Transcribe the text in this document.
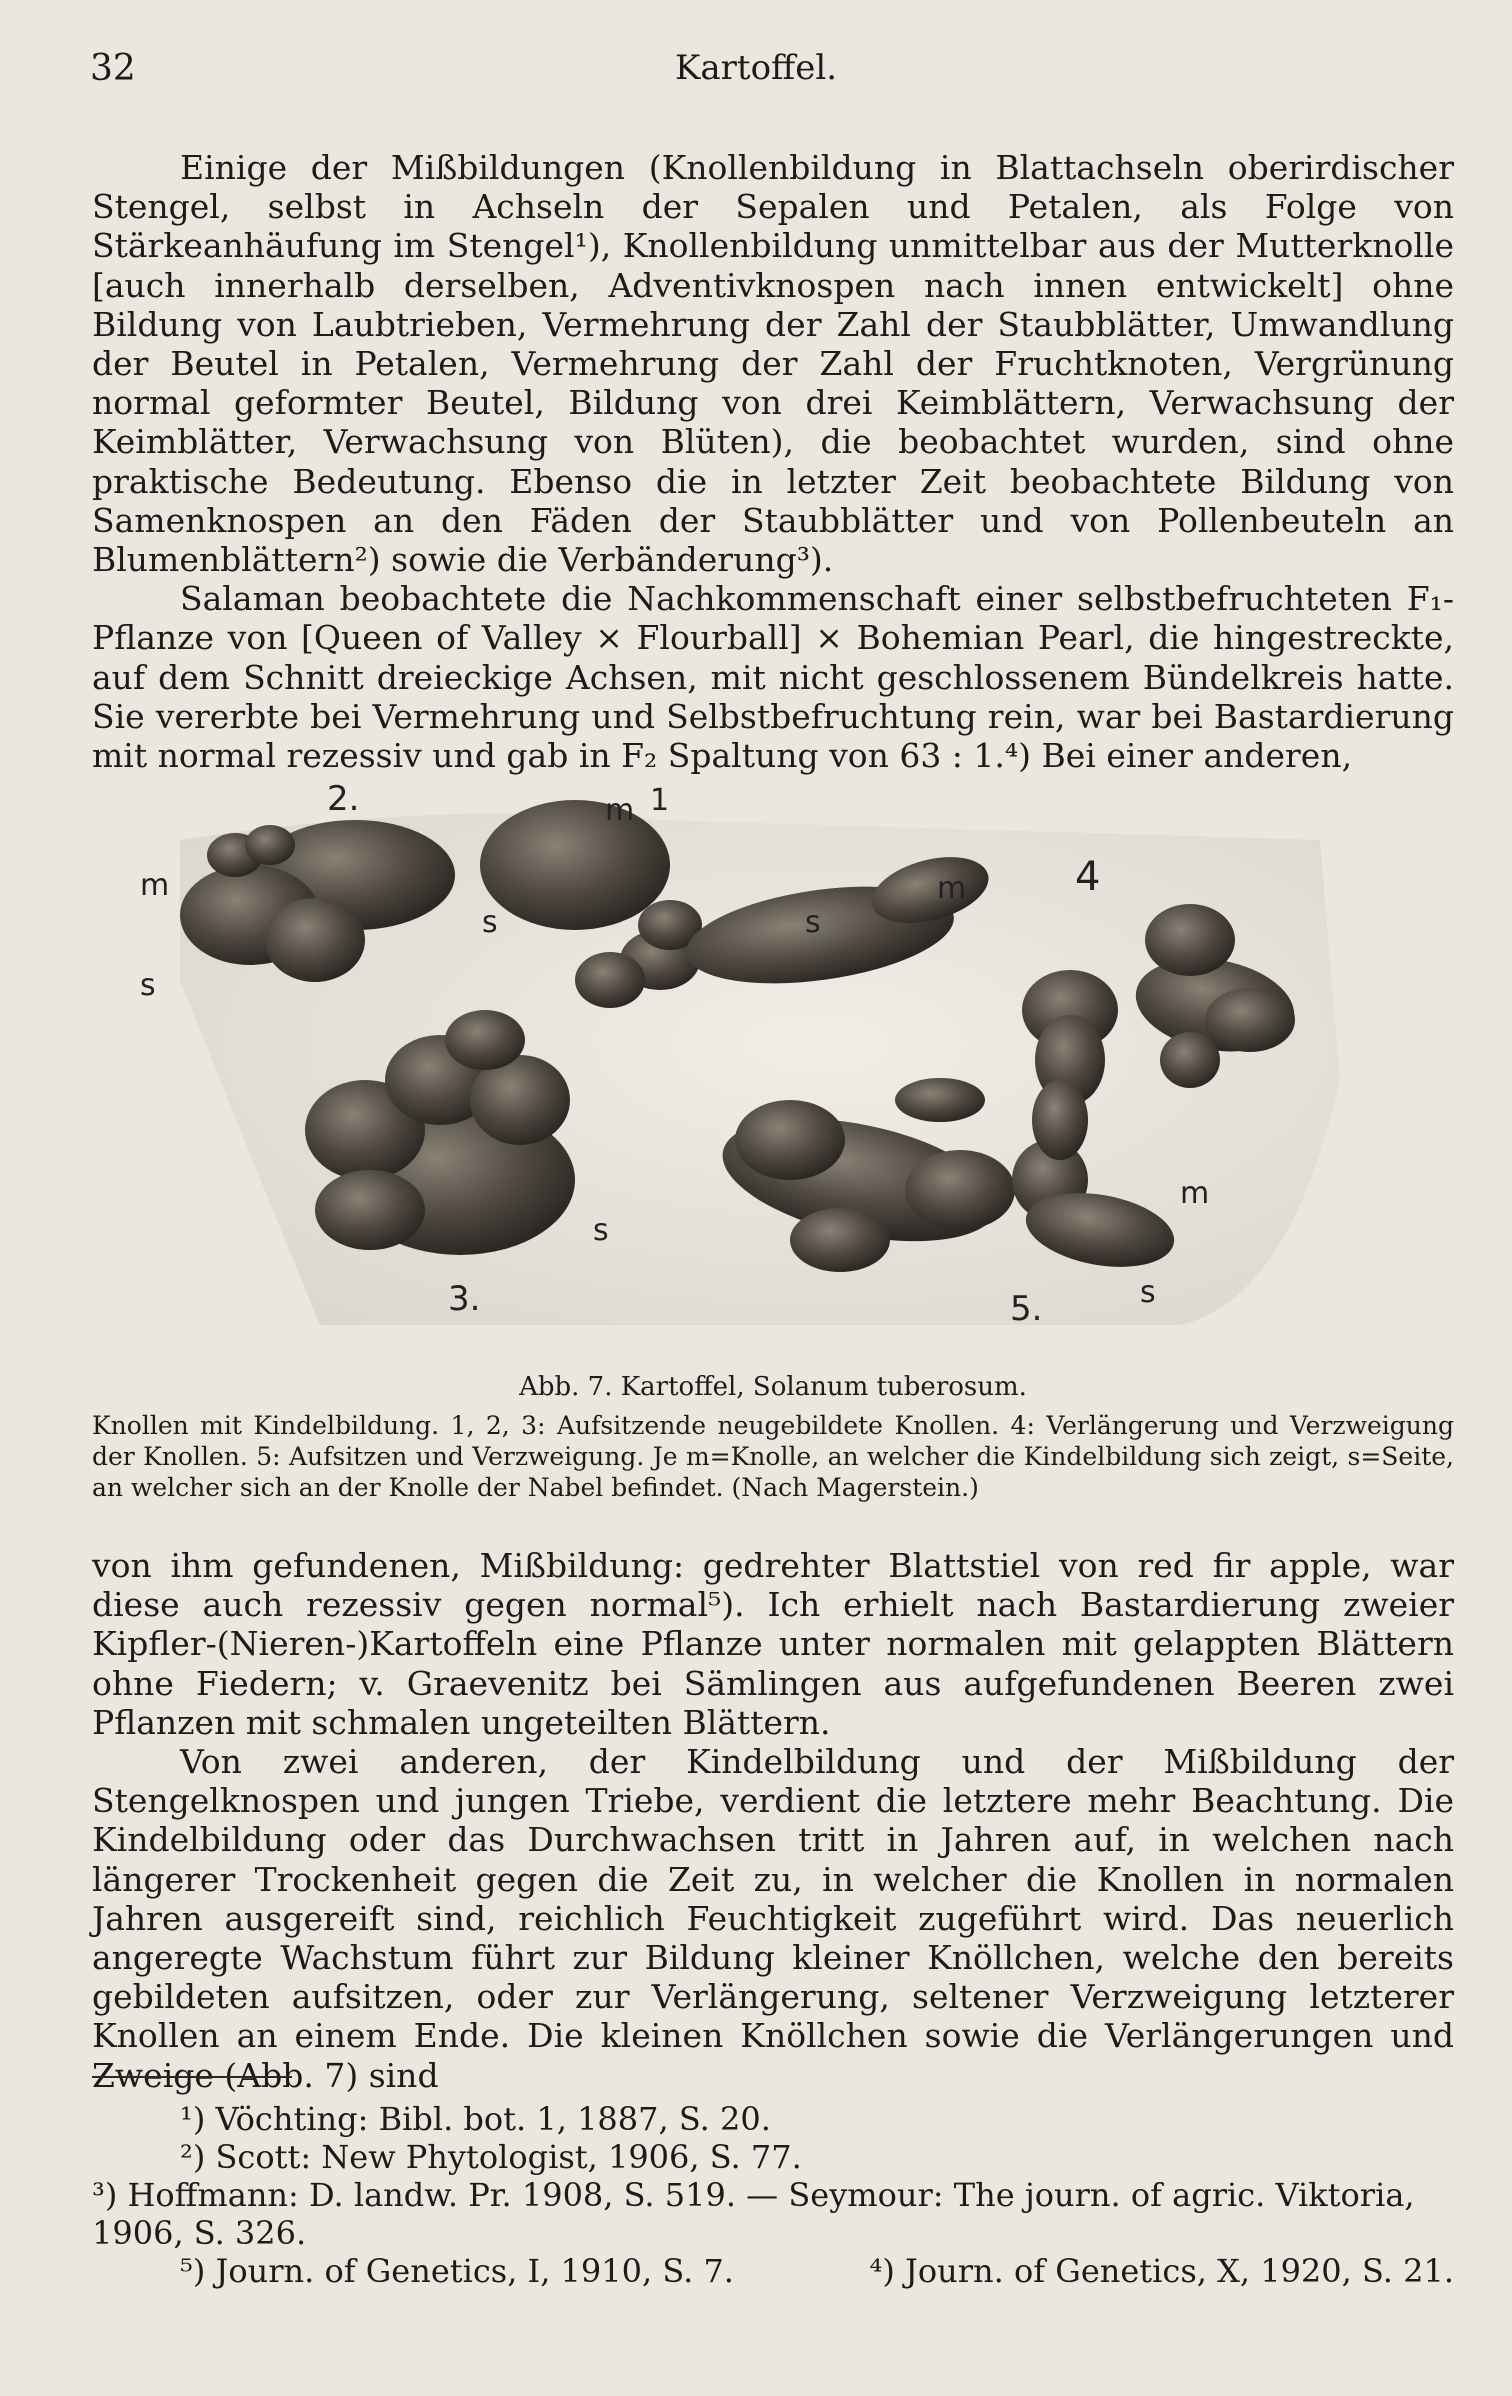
32	Kartoffel.

Einige der Mißbildungen (Knollenbildung in Blattachseln oberirdischer Stengel, selbst in Achseln der Sepalen und Petalen, als Folge von Stärkeanhäufung im Stengel¹), Knollenbildung unmittelbar aus der Mutterknolle [auch innerhalb derselben, Adventivknospen nach innen entwickelt] ohne Bildung von Laubtrieben, Vermehrung der Zahl der Staubblätter, Umwandlung der Beutel in Petalen, Vermehrung der Zahl der Fruchtknoten, Vergrünung normal geformter Beutel, Bildung von drei Keimblättern, Verwachsung der Keimblätter, Verwachsung von Blüten), die beobachtet wurden, sind ohne praktische Bedeutung. Ebenso die in letzter Zeit beobachtete Bildung von Samenknospen an den Fäden der Staubblätter und von Pollenbeuteln an Blumenblättern²) sowie die Verbänderung³).

Salaman beobachtete die Nachkommenschaft einer selbstbefruchteten F₁-Pflanze von [Queen of Valley × Flourball] × Bohemian Pearl, die hingestreckte, auf dem Schnitt dreieckige Achsen, mit nicht geschlossenem Bündelkreis hatte. Sie vererbte bei Vermehrung und Selbstbefruchtung rein, war bei Bastardierung mit normal rezessiv und gab in F₂ Spaltung von 63 : 1.⁴) Bei einer anderen,

2.	m 1
m
s
s
s
m	4
s
m
3.	5.	s
Abb. 7. Kartoffel, Solanum tuberosum.
Knollen mit Kindelbildung. 1, 2, 3: Aufsitzende neugebildete Knollen. 4: Verlängerung und Verzweigung der Knollen. 5: Aufsitzen und Verzweigung. Je m=Knolle, an welcher die Kindelbildung sich zeigt, s=Seite, an welcher sich an der Knolle der Nabel befindet. (Nach Magerstein.)

von ihm gefundenen, Mißbildung: gedrehter Blattstiel von red fir apple, war diese auch rezessiv gegen normal⁵). Ich erhielt nach Bastardierung zweier Kipfler-(Nieren-)Kartoffeln eine Pflanze unter normalen mit gelappten Blättern ohne Fiedern; v. Graevenitz bei Sämlingen aus aufgefundenen Beeren zwei Pflanzen mit schmalen ungeteilten Blättern.

Von zwei anderen, der Kindelbildung und der Mißbildung der Stengelknospen und jungen Triebe, verdient die letztere mehr Beachtung. Die Kindelbildung oder das Durchwachsen tritt in Jahren auf, in welchen nach längerer Trockenheit gegen die Zeit zu, in welcher die Knollen in normalen Jahren ausgereift sind, reichlich Feuchtigkeit zugeführt wird. Das neuerlich angeregte Wachstum führt zur Bildung kleiner Knöllchen, welche den bereits gebildeten aufsitzen, oder zur Verlängerung, seltener Verzweigung letzterer Knollen an einem Ende. Die kleinen Knöllchen sowie die Verlängerungen und Zweige (Abb. 7) sind

¹) Vöchting: Bibl. bot. 1, 1887, S. 20.

²) Scott: New Phytologist, 1906, S. 77.

³) Hoffmann: D. landw. Pr. 1908, S. 519. — Seymour: The journ. of agric. Viktoria, 1906, S. 326.

⁵) Journ. of Genetics, I, 1910, S. 7.	⁴) Journ. of Genetics, X, 1920, S. 21.
